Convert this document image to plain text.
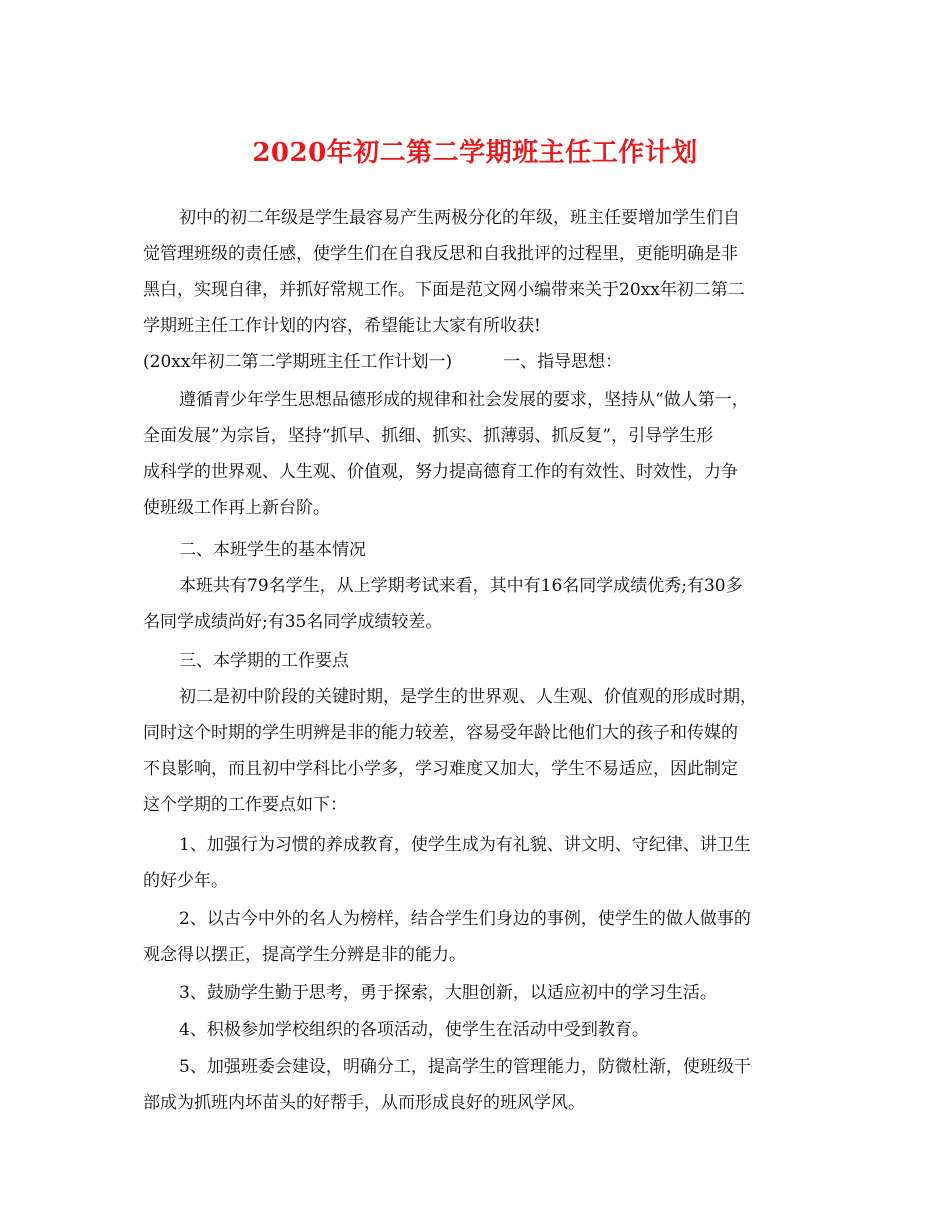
2020年初二第二学期班主任工作计划
初中的初二年级是学生最容易产生两极分化的年级，班主任要增加学生们自
觉管理班级的责任感，使学生们在自我反思和自我批评的过程里，更能明确是非
黑白，实现自律，并抓好常规工作。下面是范文网小编带来关于20xx年初二第二
学期班主任工作计划的内容，希望能让大家有所收获!
(20xx年初二第二学期班主任工作计划一)　　　一、指导思想：
遵循青少年学生思想品德形成的规律和社会发展的要求，坚持从“做人第一，
全面发展”为宗旨，坚持“抓早、抓细、抓实、抓薄弱、抓反复”，引导学生形
成科学的世界观、人生观、价值观，努力提高德育工作的有效性、时效性，力争
使班级工作再上新台阶。
二、本班学生的基本情况
本班共有79名学生，从上学期考试来看，其中有16名同学成绩优秀;有30多
名同学成绩尚好;有35名同学成绩较差。
三、本学期的工作要点
初二是初中阶段的关键时期，是学生的世界观、人生观、价值观的形成时期，
同时这个时期的学生明辨是非的能力较差，容易受年龄比他们大的孩子和传媒的
不良影响，而且初中学科比小学多，学习难度又加大，学生不易适应，因此制定
这个学期的工作要点如下：
1、加强行为习惯的养成教育，使学生成为有礼貌、讲文明、守纪律、讲卫生
的好少年。
2、以古今中外的名人为榜样，结合学生们身边的事例，使学生的做人做事的
观念得以摆正，提高学生分辨是非的能力。
3、鼓励学生勤于思考，勇于探索，大胆创新，以适应初中的学习生活。
4、积极参加学校组织的各项活动，使学生在活动中受到教育。
5、加强班委会建设，明确分工，提高学生的管理能力，防微杜渐，使班级干
部成为抓班内坏苗头的好帮手，从而形成良好的班风学风。
